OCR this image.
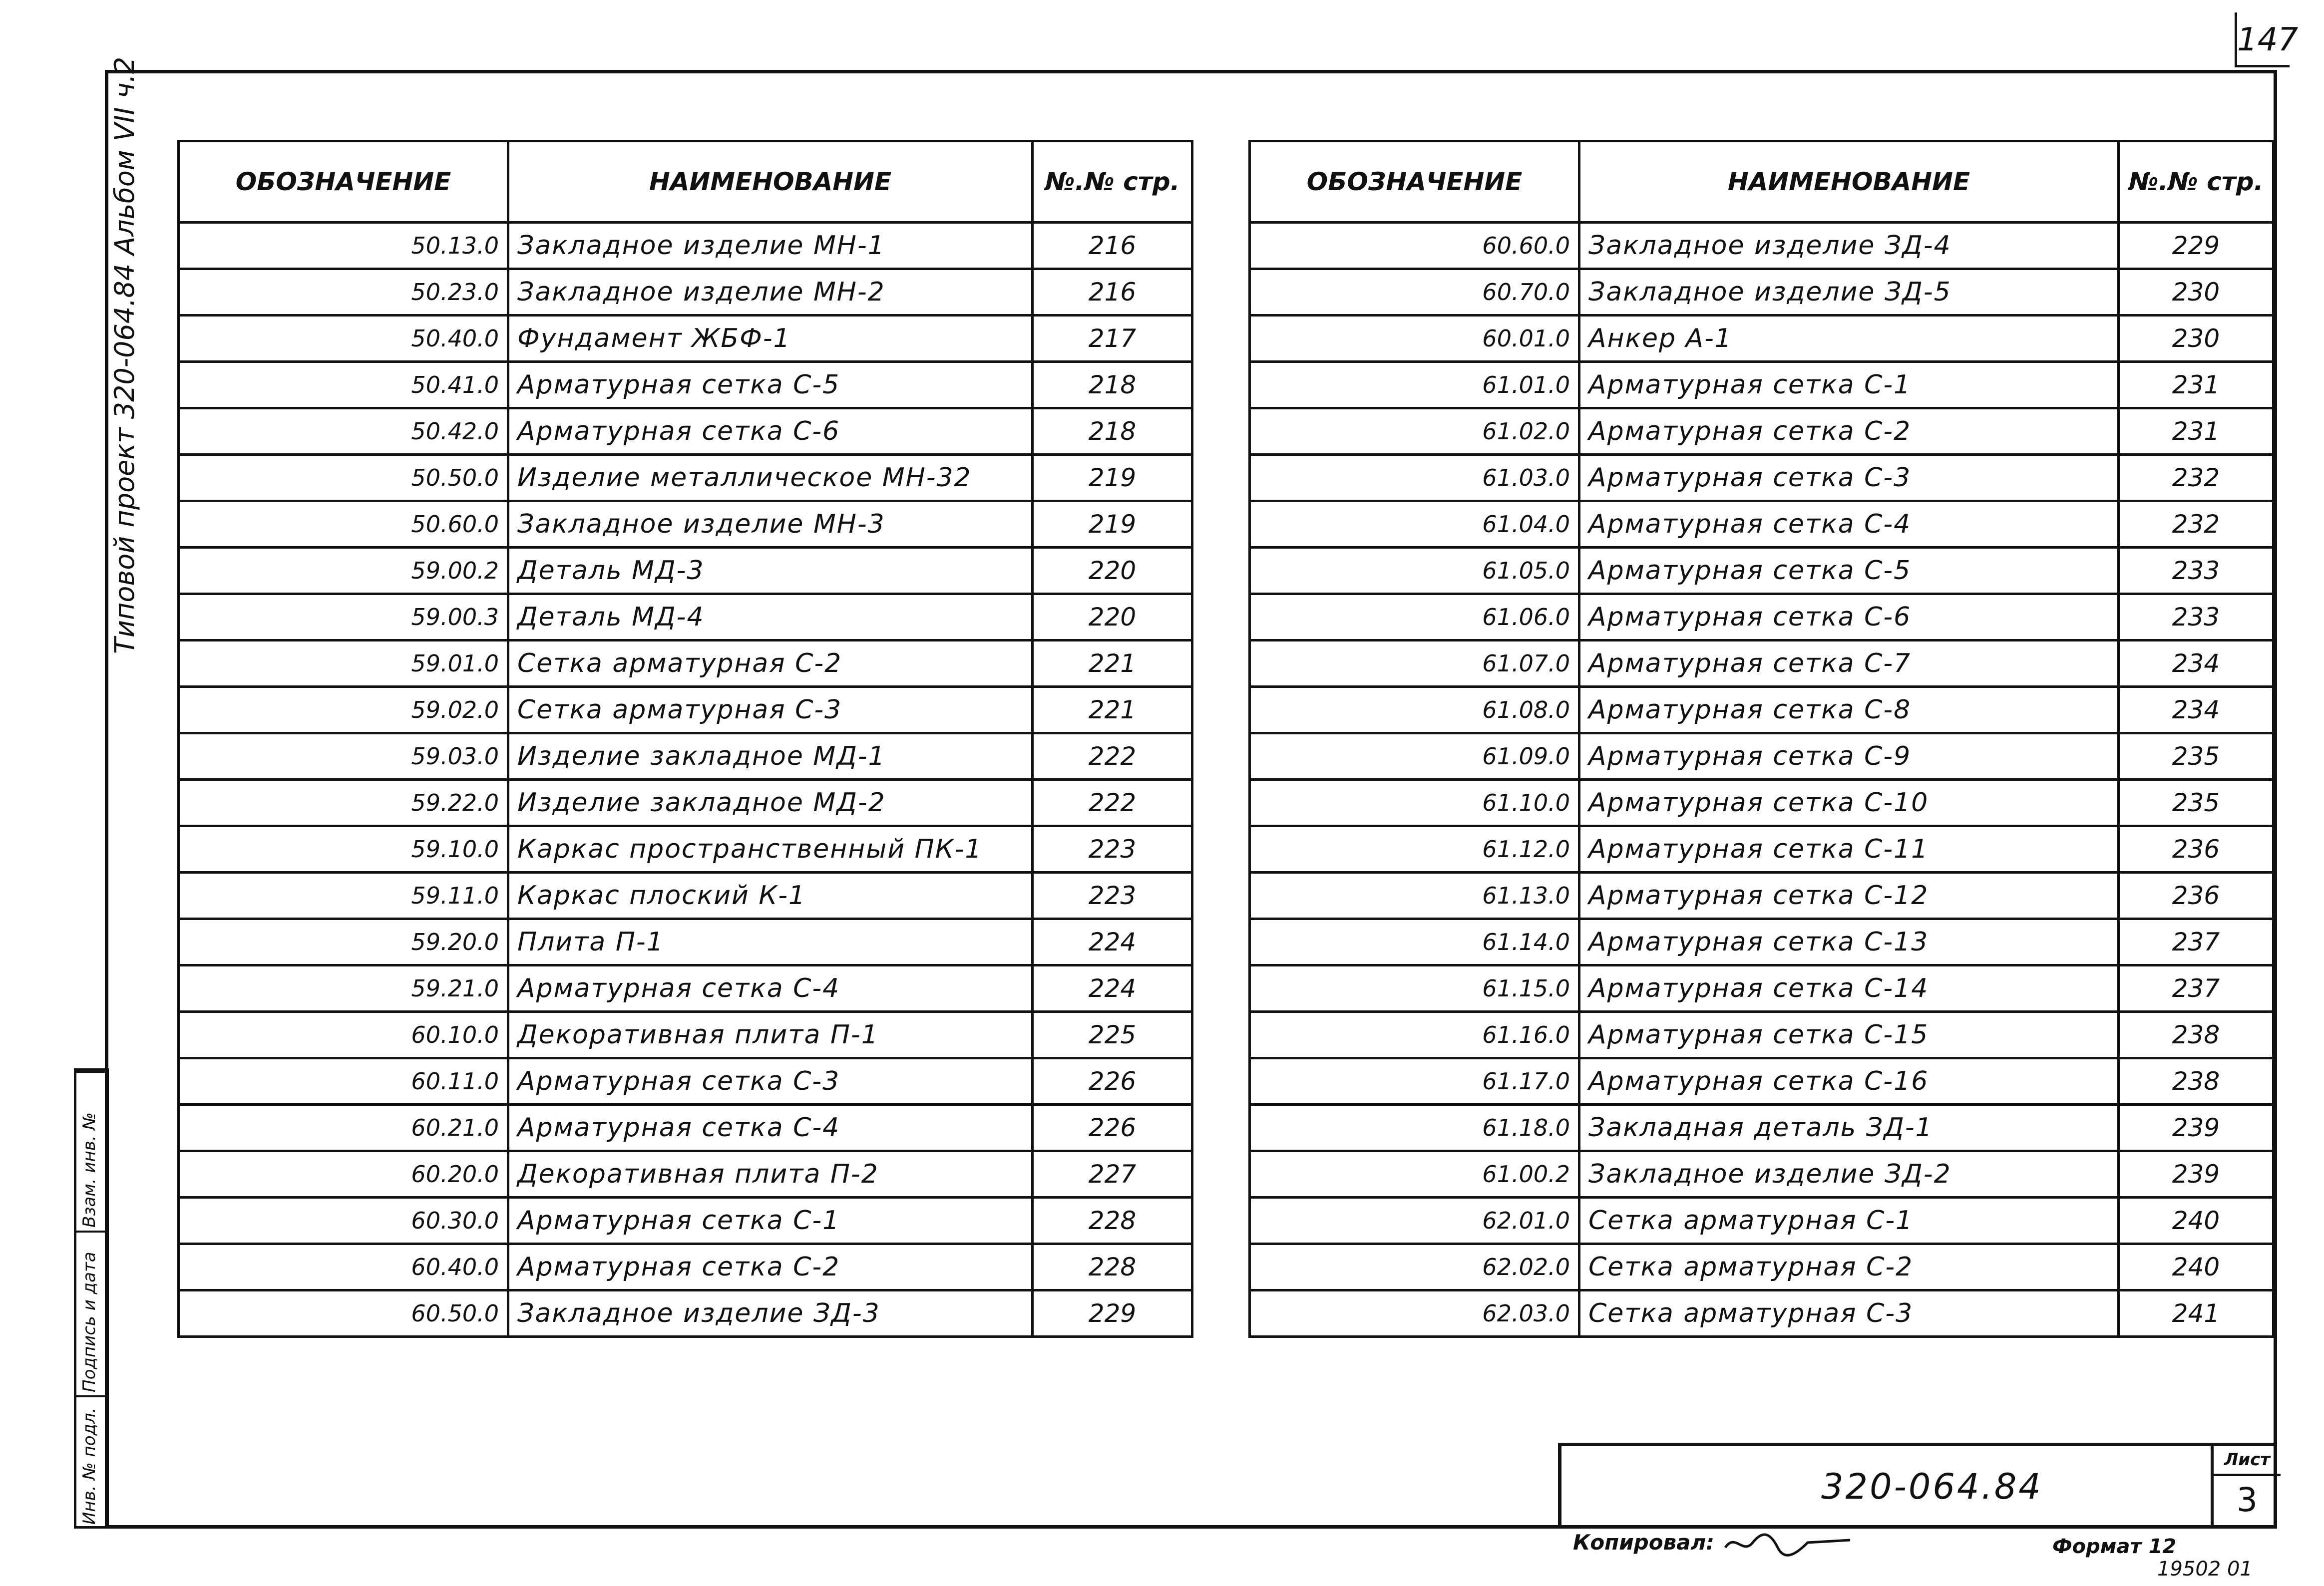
147
Типовой проект 320-064.84 Альбом VII ч.2
Взам. инв. №
Подпись и дата
Инв. № подл.
ОБОЗНАЧЕНИЕ	НАИМЕНОВАНИЕ	№.№ стр.
50.13.0	Закладное изделие МН-1	216
50.23.0	Закладное изделие МН-2	216
50.40.0	Фундамент ЖБФ-1	217
50.41.0	Арматурная сетка С-5	218
50.42.0	Арматурная сетка С-6	218
50.50.0	Изделие металлическое МН-32	219
50.60.0	Закладное изделие МН-3	219
59.00.2	Деталь МД-3	220
59.00.3	Деталь МД-4	220
59.01.0	Сетка арматурная С-2	221
59.02.0	Сетка арматурная С-3	221
59.03.0	Изделие закладное МД-1	222
59.22.0	Изделие закладное МД-2	222
59.10.0	Каркас пространственный ПК-1	223
59.11.0	Каркас плоский К-1	223
59.20.0	Плита П-1	224
59.21.0	Арматурная сетка С-4	224
60.10.0	Декоративная плита П-1	225
60.11.0	Арматурная сетка С-3	226
60.21.0	Арматурная сетка С-4	226
60.20.0	Декоративная плита П-2	227
60.30.0	Арматурная сетка С-1	228
60.40.0	Арматурная сетка С-2	228
60.50.0	Закладное изделие ЗД-3	229
ОБОЗНАЧЕНИЕ	НАИМЕНОВАНИЕ	№.№ стр.
60.60.0	Закладное изделие ЗД-4	229
60.70.0	Закладное изделие ЗД-5	230
60.01.0	Анкер А-1	230
61.01.0	Арматурная сетка С-1	231
61.02.0	Арматурная сетка С-2	231
61.03.0	Арматурная сетка С-3	232
61.04.0	Арматурная сетка С-4	232
61.05.0	Арматурная сетка С-5	233
61.06.0	Арматурная сетка С-6	233
61.07.0	Арматурная сетка С-7	234
61.08.0	Арматурная сетка С-8	234
61.09.0	Арматурная сетка С-9	235
61.10.0	Арматурная сетка С-10	235
61.12.0	Арматурная сетка С-11	236
61.13.0	Арматурная сетка С-12	236
61.14.0	Арматурная сетка С-13	237
61.15.0	Арматурная сетка С-14	237
61.16.0	Арматурная сетка С-15	238
61.17.0	Арматурная сетка С-16	238
61.18.0	Закладная деталь ЗД-1	239
61.00.2	Закладное изделие ЗД-2	239
62.01.0	Сетка арматурная С-1	240
62.02.0	Сетка арматурная С-2	240
62.03.0	Сетка арматурная С-3	241
320-064.84
Лист
3
Копировал:	Формат 12
19502 01
